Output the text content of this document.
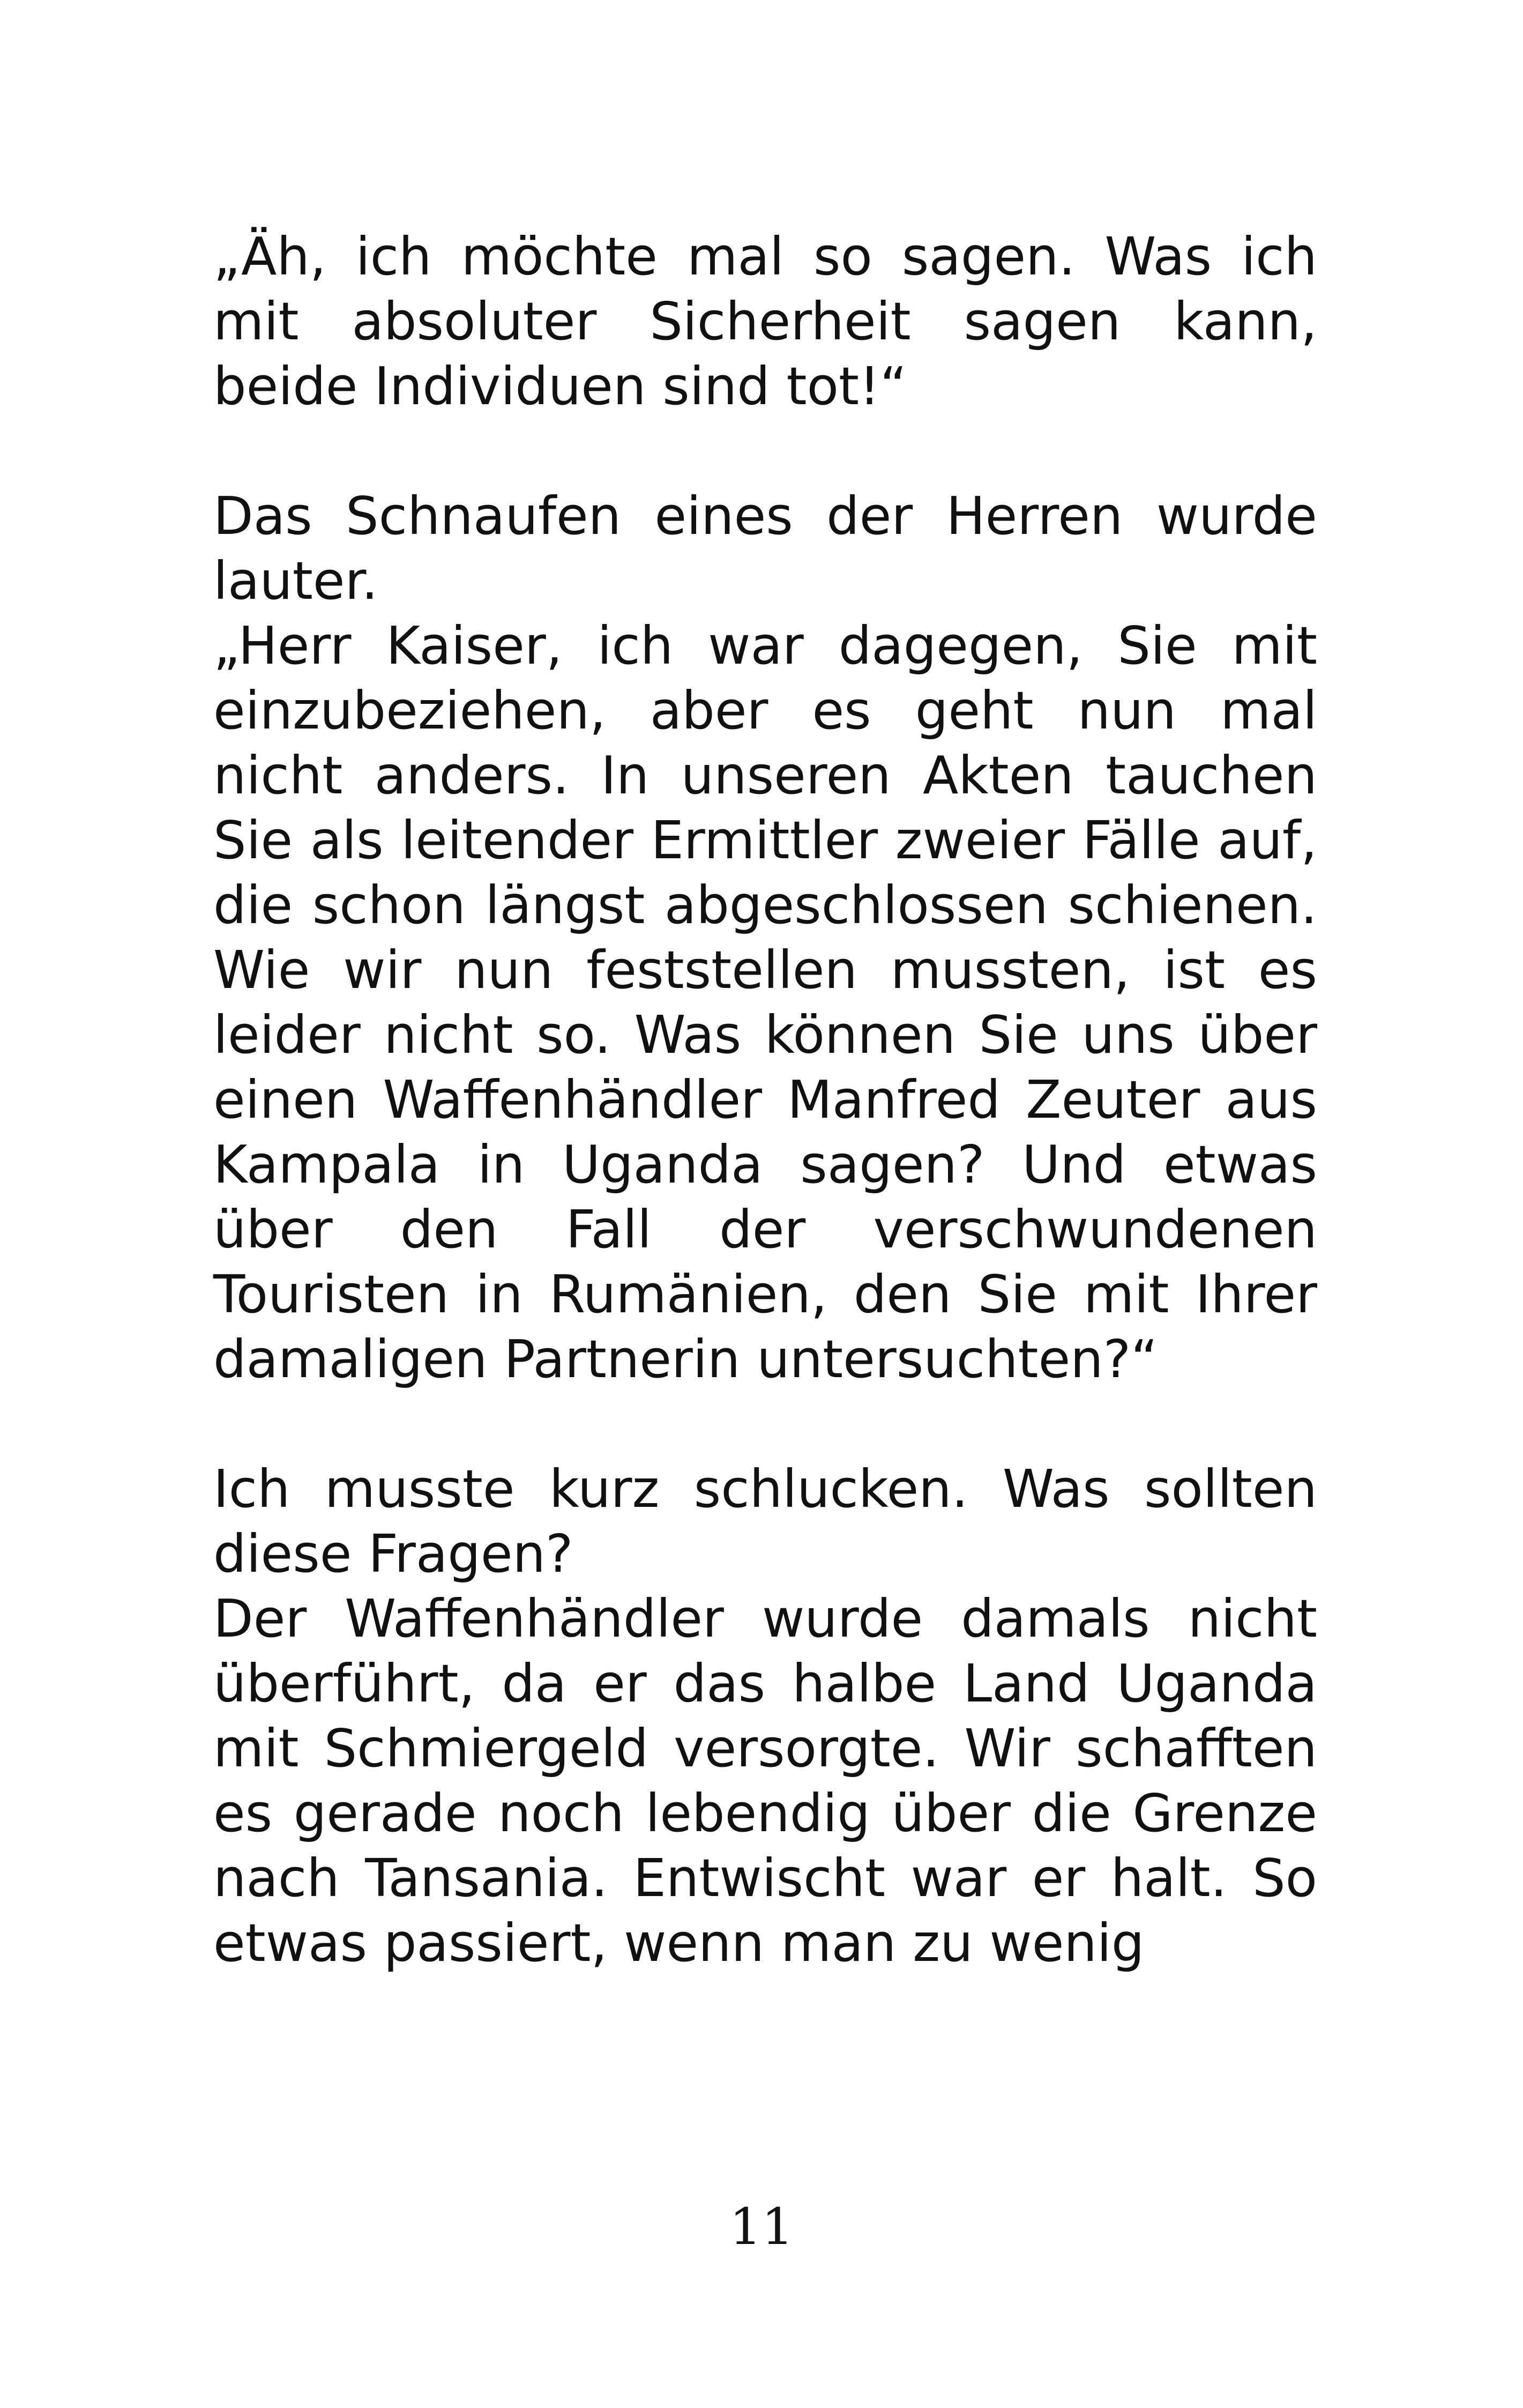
„Äh, ich möchte mal so sagen. Was ich mit absoluter Sicherheit sagen kann, beide Individuen sind tot!“

Das Schnaufen eines der Herren wurde lauter.

„Herr Kaiser, ich war dagegen, Sie mit einzubeziehen, aber es geht nun mal nicht anders. In unseren Akten tauchen Sie als leitender Ermittler zweier Fälle auf, die schon längst abgeschlossen schienen. Wie wir nun feststellen mussten, ist es leider nicht so. Was können Sie uns über einen Waffenhändler Manfred Zeuter aus Kampala in Uganda sagen? Und etwas über den Fall der verschwundenen Touristen in Rumänien, den Sie mit Ihrer damaligen Partnerin untersuchten?“

Ich musste kurz schlucken. Was sollten diese Fragen?

Der Waffenhändler wurde damals nicht überführt, da er das halbe Land Uganda mit Schmiergeld versorgte. Wir schafften es gerade noch lebendig über die Grenze nach Tansania. Entwischt war er halt. So etwas passiert, wenn man zu wenig

11
